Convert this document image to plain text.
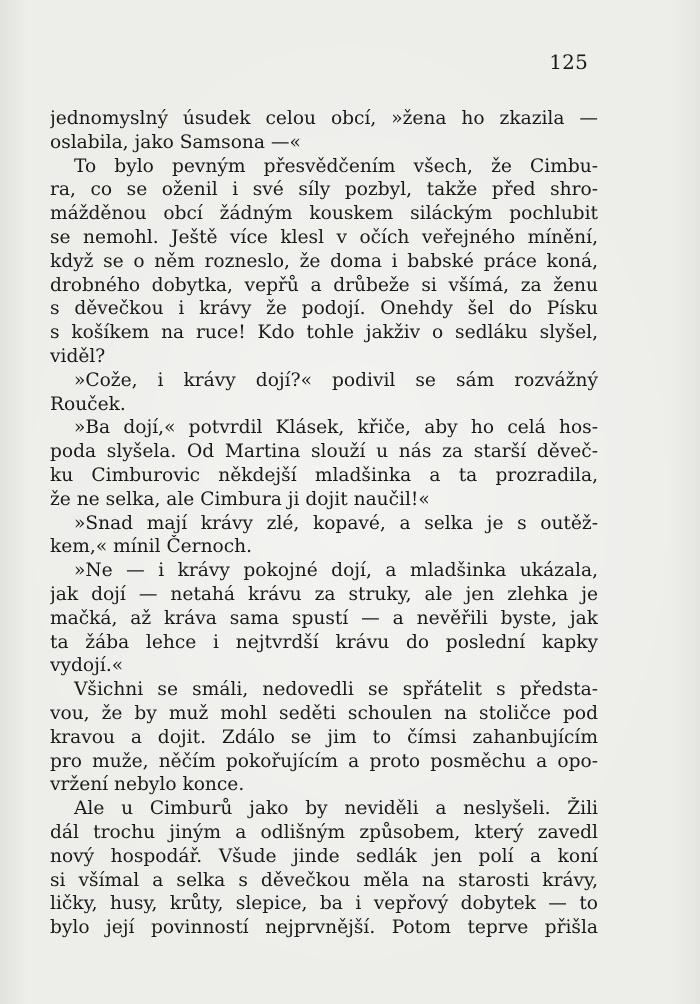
125
jednomyslný úsudek celou obcí, »žena ho zkazila —
oslabila, jako Samsona —«
To bylo pevným přesvědčením všech, že Cimbu-
ra, co se oženil i své síly pozbyl, takže před shro-
mážděnou obcí žádným kouskem siláckým pochlubit
se nemohl. Ještě více klesl v očích veřejného mínění,
když se o něm rozneslo, že doma i babské práce koná,
drobného dobytka, vepřů a drůbeže si všímá, za ženu
s děvečkou i krávy že podojí. Onehdy šel do Písku
s košíkem na ruce! Kdo tohle jakživ o sedláku slyšel,
viděl?
»Cože, i krávy dojí?« podivil se sám rozvážný
Rouček.
»Ba dojí,« potvrdil Klásek, křiče, aby ho celá hos-
poda slyšela. Od Martina slouží u nás za starší děveč-
ku Cimburovic někdejší mladšinka a ta prozradila,
že ne selka, ale Cimbura ji dojit naučil!«
»Snad mají krávy zlé, kopavé, a selka je s outěž-
kem,« mínil Černoch.
»Ne — i krávy pokojné dojí, a mladšinka ukázala,
jak dojí — netahá krávu za struky, ale jen zlehka je
mačká, až kráva sama spustí — a nevěřili byste, jak
ta žába lehce i nejtvrdší krávu do poslední kapky
vydojí.«
Všichni se smáli, nedovedli se spřátelit s předsta-
vou, že by muž mohl seděti schoulen na stoličce pod
kravou a dojit. Zdálo se jim to čímsi zahanbujícím
pro muže, něčím pokořujícím a proto posměchu a opo-
vržení nebylo konce.
Ale u Cimburů jako by neviděli a neslyšeli. Žili
dál trochu jiným a odlišným způsobem, který zavedl
nový hospodář. Všude jinde sedlák jen polí a koní
si všímal a selka s děvečkou měla na starosti krávy,
ličky, husy, krůty, slepice, ba i vepřový dobytek — to
bylo její povinností nejprvnější. Potom teprve přišla
